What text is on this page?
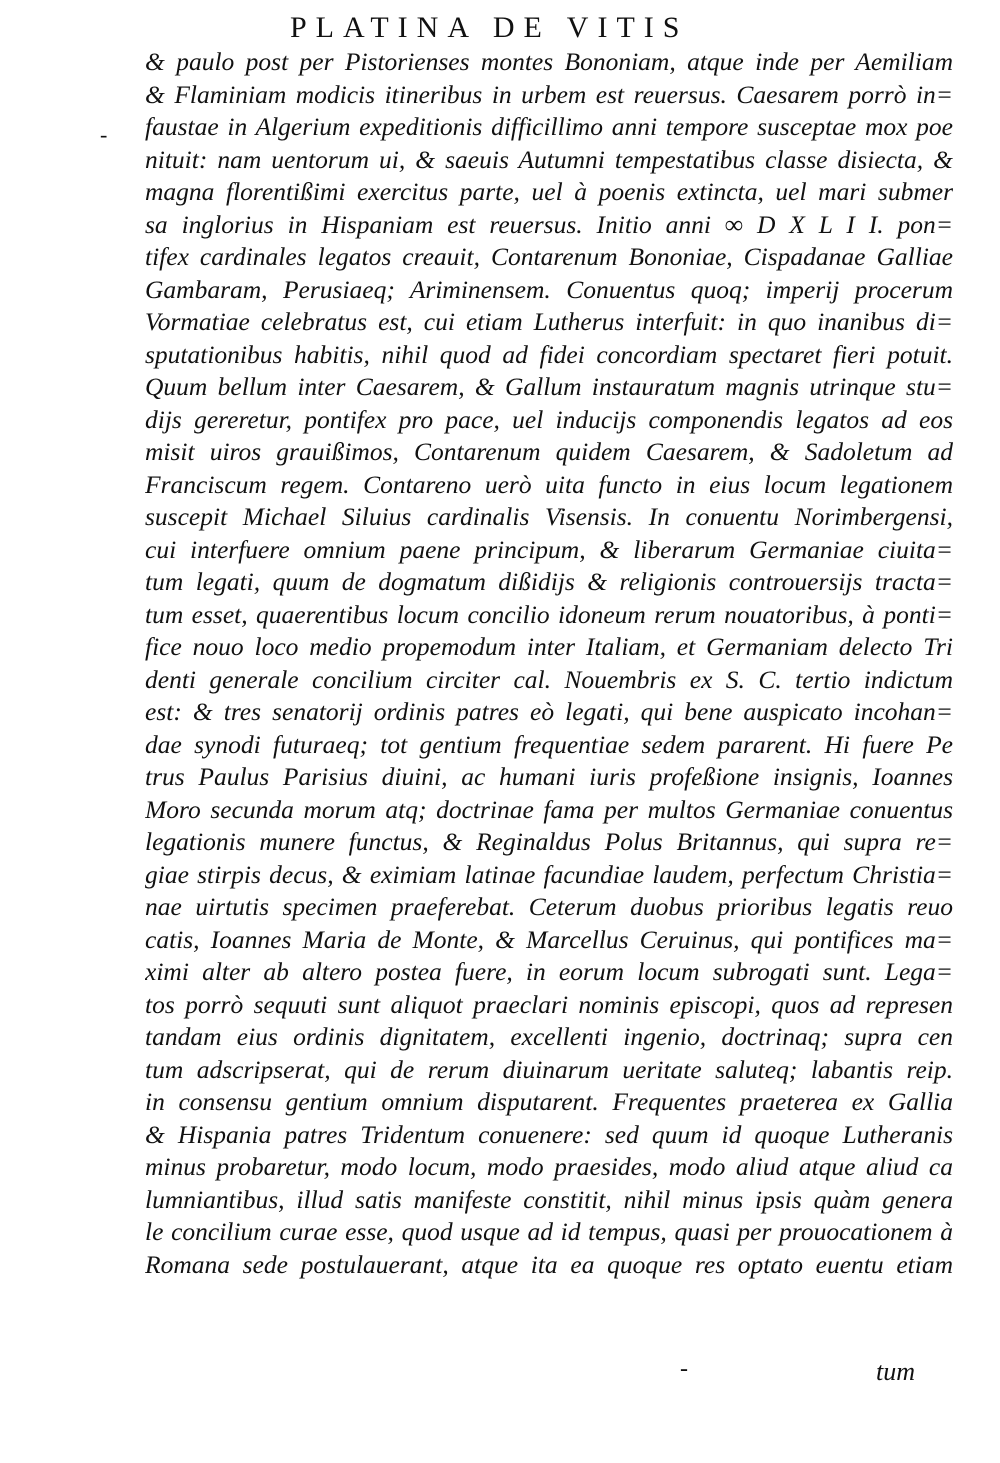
PLATINA DE VITIS
-
& paulo post per Pistorienses montes Bononiam, atque inde per Aemiliam
& Flaminiam modicis itineribus in urbem est reuersus. Caesarem porrò in=
faustae in Algerium expeditionis difficillimo anni tempore susceptae mox poe
nituit: nam uentorum ui, & saeuis Autumni tempestatibus classe disiecta, &
magna florentißimi exercitus parte, uel à poenis extincta, uel mari submer
sa inglorius in Hispaniam est reuersus. Initio anni ∞ D X L I I. pon=
tifex cardinales legatos creauit, Contarenum Bononiae, Cispadanae Galliae
Gambaram, Perusiaeq; Ariminensem. Conuentus quoq; imperij procerum
Vormatiae celebratus est, cui etiam Lutherus interfuit: in quo inanibus di=
sputationibus habitis, nihil quod ad fidei concordiam spectaret fieri potuit.
Quum bellum inter Caesarem, & Gallum instauratum magnis utrinque stu=
dijs gereretur, pontifex pro pace, uel inducijs componendis legatos ad eos
misit uiros grauißimos, Contarenum quidem Caesarem, & Sadoletum ad
Franciscum regem. Contareno uerò uita functo in eius locum legationem
suscepit Michael Siluius cardinalis Visensis. In conuentu Norimbergensi,
cui interfuere omnium paene principum, & liberarum Germaniae ciuita=
tum legati, quum de dogmatum dißidijs & religionis controuersijs tracta=
tum esset, quaerentibus locum concilio idoneum rerum nouatoribus, à ponti=
fice nouo loco medio propemodum inter Italiam, et Germaniam delecto Tri
denti generale concilium circiter cal. Nouembris ex S. C. tertio indictum
est: & tres senatorij ordinis patres eò legati, qui bene auspicato incohan=
dae synodi futuraeq; tot gentium frequentiae sedem pararent. Hi fuere Pe
trus Paulus Parisius diuini, ac humani iuris profeßione insignis, Ioannes
Moro secunda morum atq; doctrinae fama per multos Germaniae conuentus
legationis munere functus, & Reginaldus Polus Britannus, qui supra re=
giae stirpis decus, & eximiam latinae facundiae laudem, perfectum Christia=
nae uirtutis specimen praeferebat. Ceterum duobus prioribus legatis reuo
catis, Ioannes Maria de Monte, & Marcellus Ceruinus, qui pontifices ma=
ximi alter ab altero postea fuere, in eorum locum subrogati sunt. Lega=
tos porrò sequuti sunt aliquot praeclari nominis episcopi, quos ad represen
tandam eius ordinis dignitatem, excellenti ingenio, doctrinaq; supra cen
tum adscripserat, qui de rerum diuinarum ueritate saluteq; labantis reip.
in consensu gentium omnium disputarent. Frequentes praeterea ex Gallia
& Hispania patres Tridentum conuenere: sed quum id quoque Lutheranis
minus probaretur, modo locum, modo praesides, modo aliud atque aliud ca
lumniantibus, illud satis manifeste constitit, nihil minus ipsis quàm genera
le concilium curae esse, quod usque ad id tempus, quasi per prouocationem à
Romana sede postulauerant, atque ita ea quoque res optato euentu etiam
-	tum
